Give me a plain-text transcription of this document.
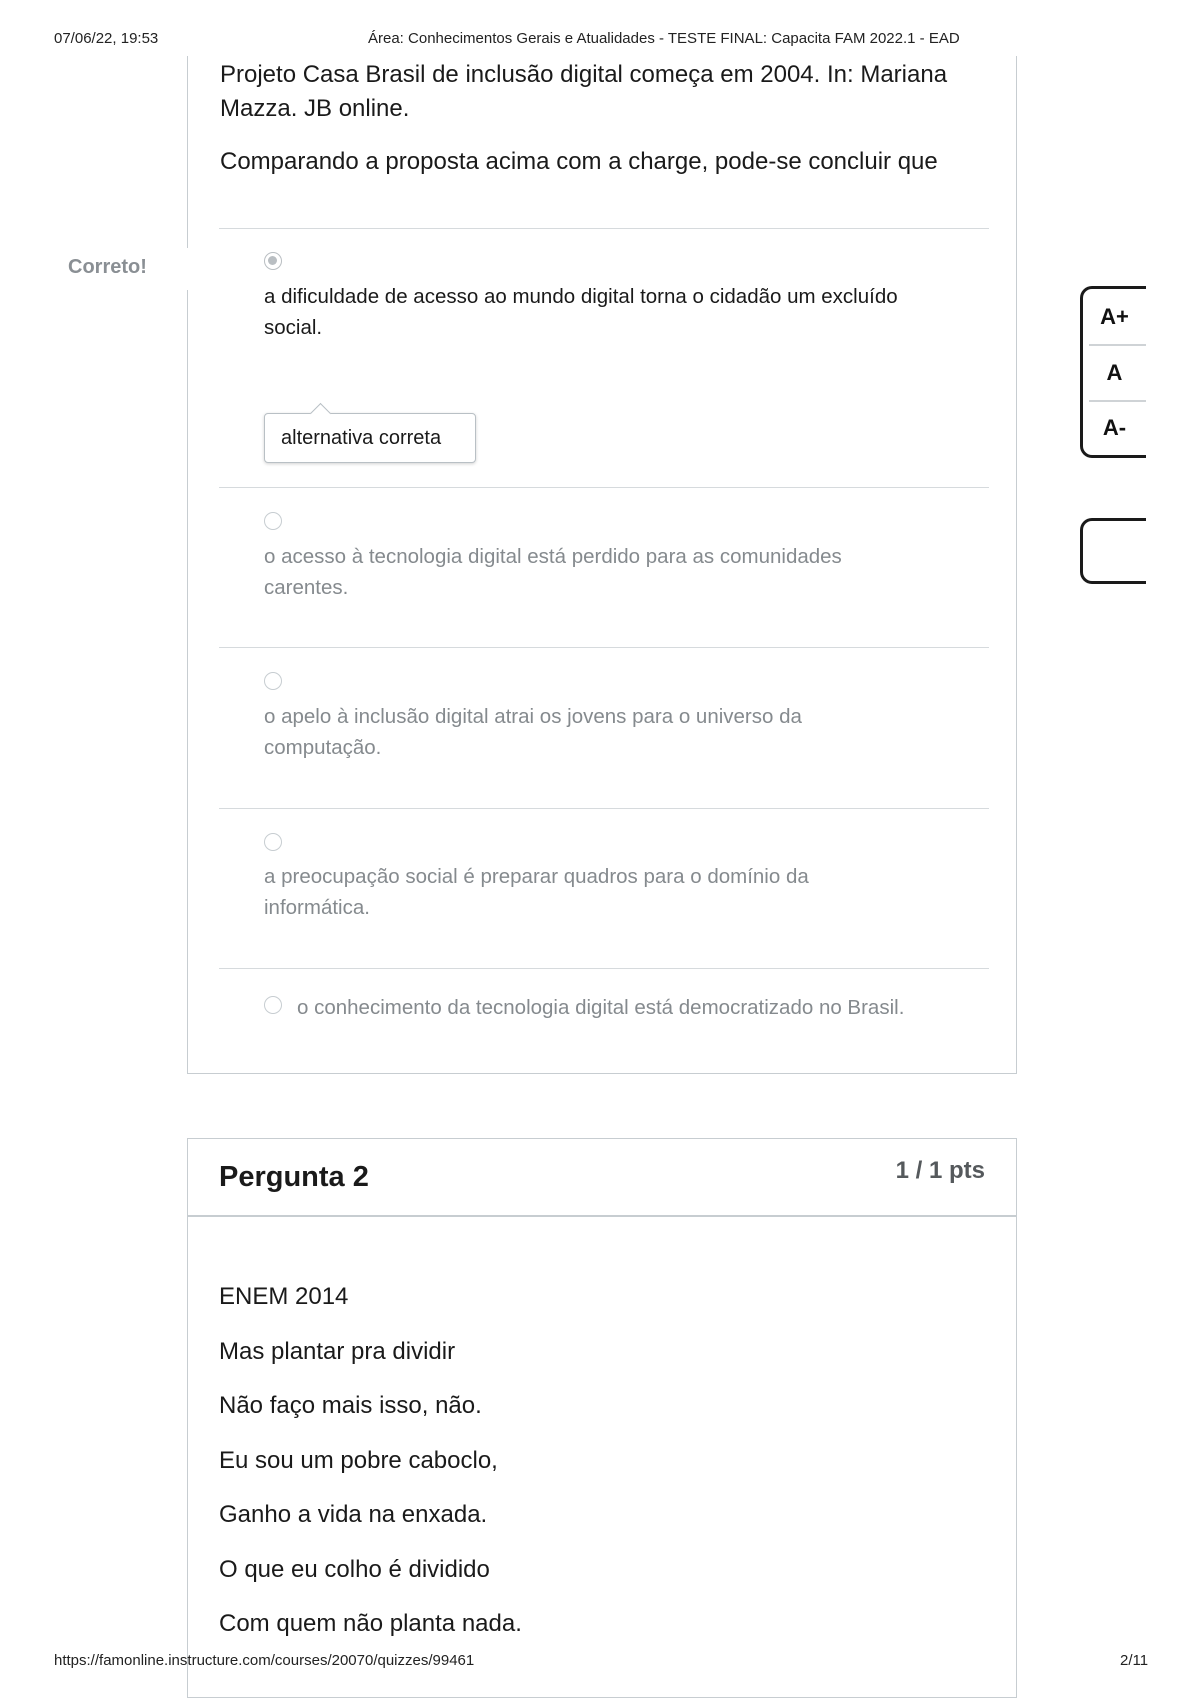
07/06/22, 19:53	Área: Conhecimentos Gerais e Atualidades - TESTE FINAL: Capacita FAM 2022.1 - EAD
Correto!
Projeto Casa Brasil de inclusão digital começa em 2004. In: Mariana
Mazza. JB online.
Comparando a proposta acima com a charge, pode-se concluir que
a dificuldade de acesso ao mundo digital torna o cidadão um excluído
social.
alternativa correta
o acesso à tecnologia digital está perdido para as comunidades
carentes.
o apelo à inclusão digital atrai os jovens para o universo da
computação.
a preocupação social é preparar quadros para o domínio da
informática.
o conhecimento da tecnologia digital está democratizado no Brasil.
Pergunta 2	1 / 1 pts
ENEM 2014
Mas plantar pra dividir
Não faço mais isso, não.
Eu sou um pobre caboclo,
Ganho a vida na enxada.
O que eu colho é dividido
Com quem não planta nada.
A+
A
A-
https://famonline.instructure.com/courses/20070/quizzes/99461	2/11
